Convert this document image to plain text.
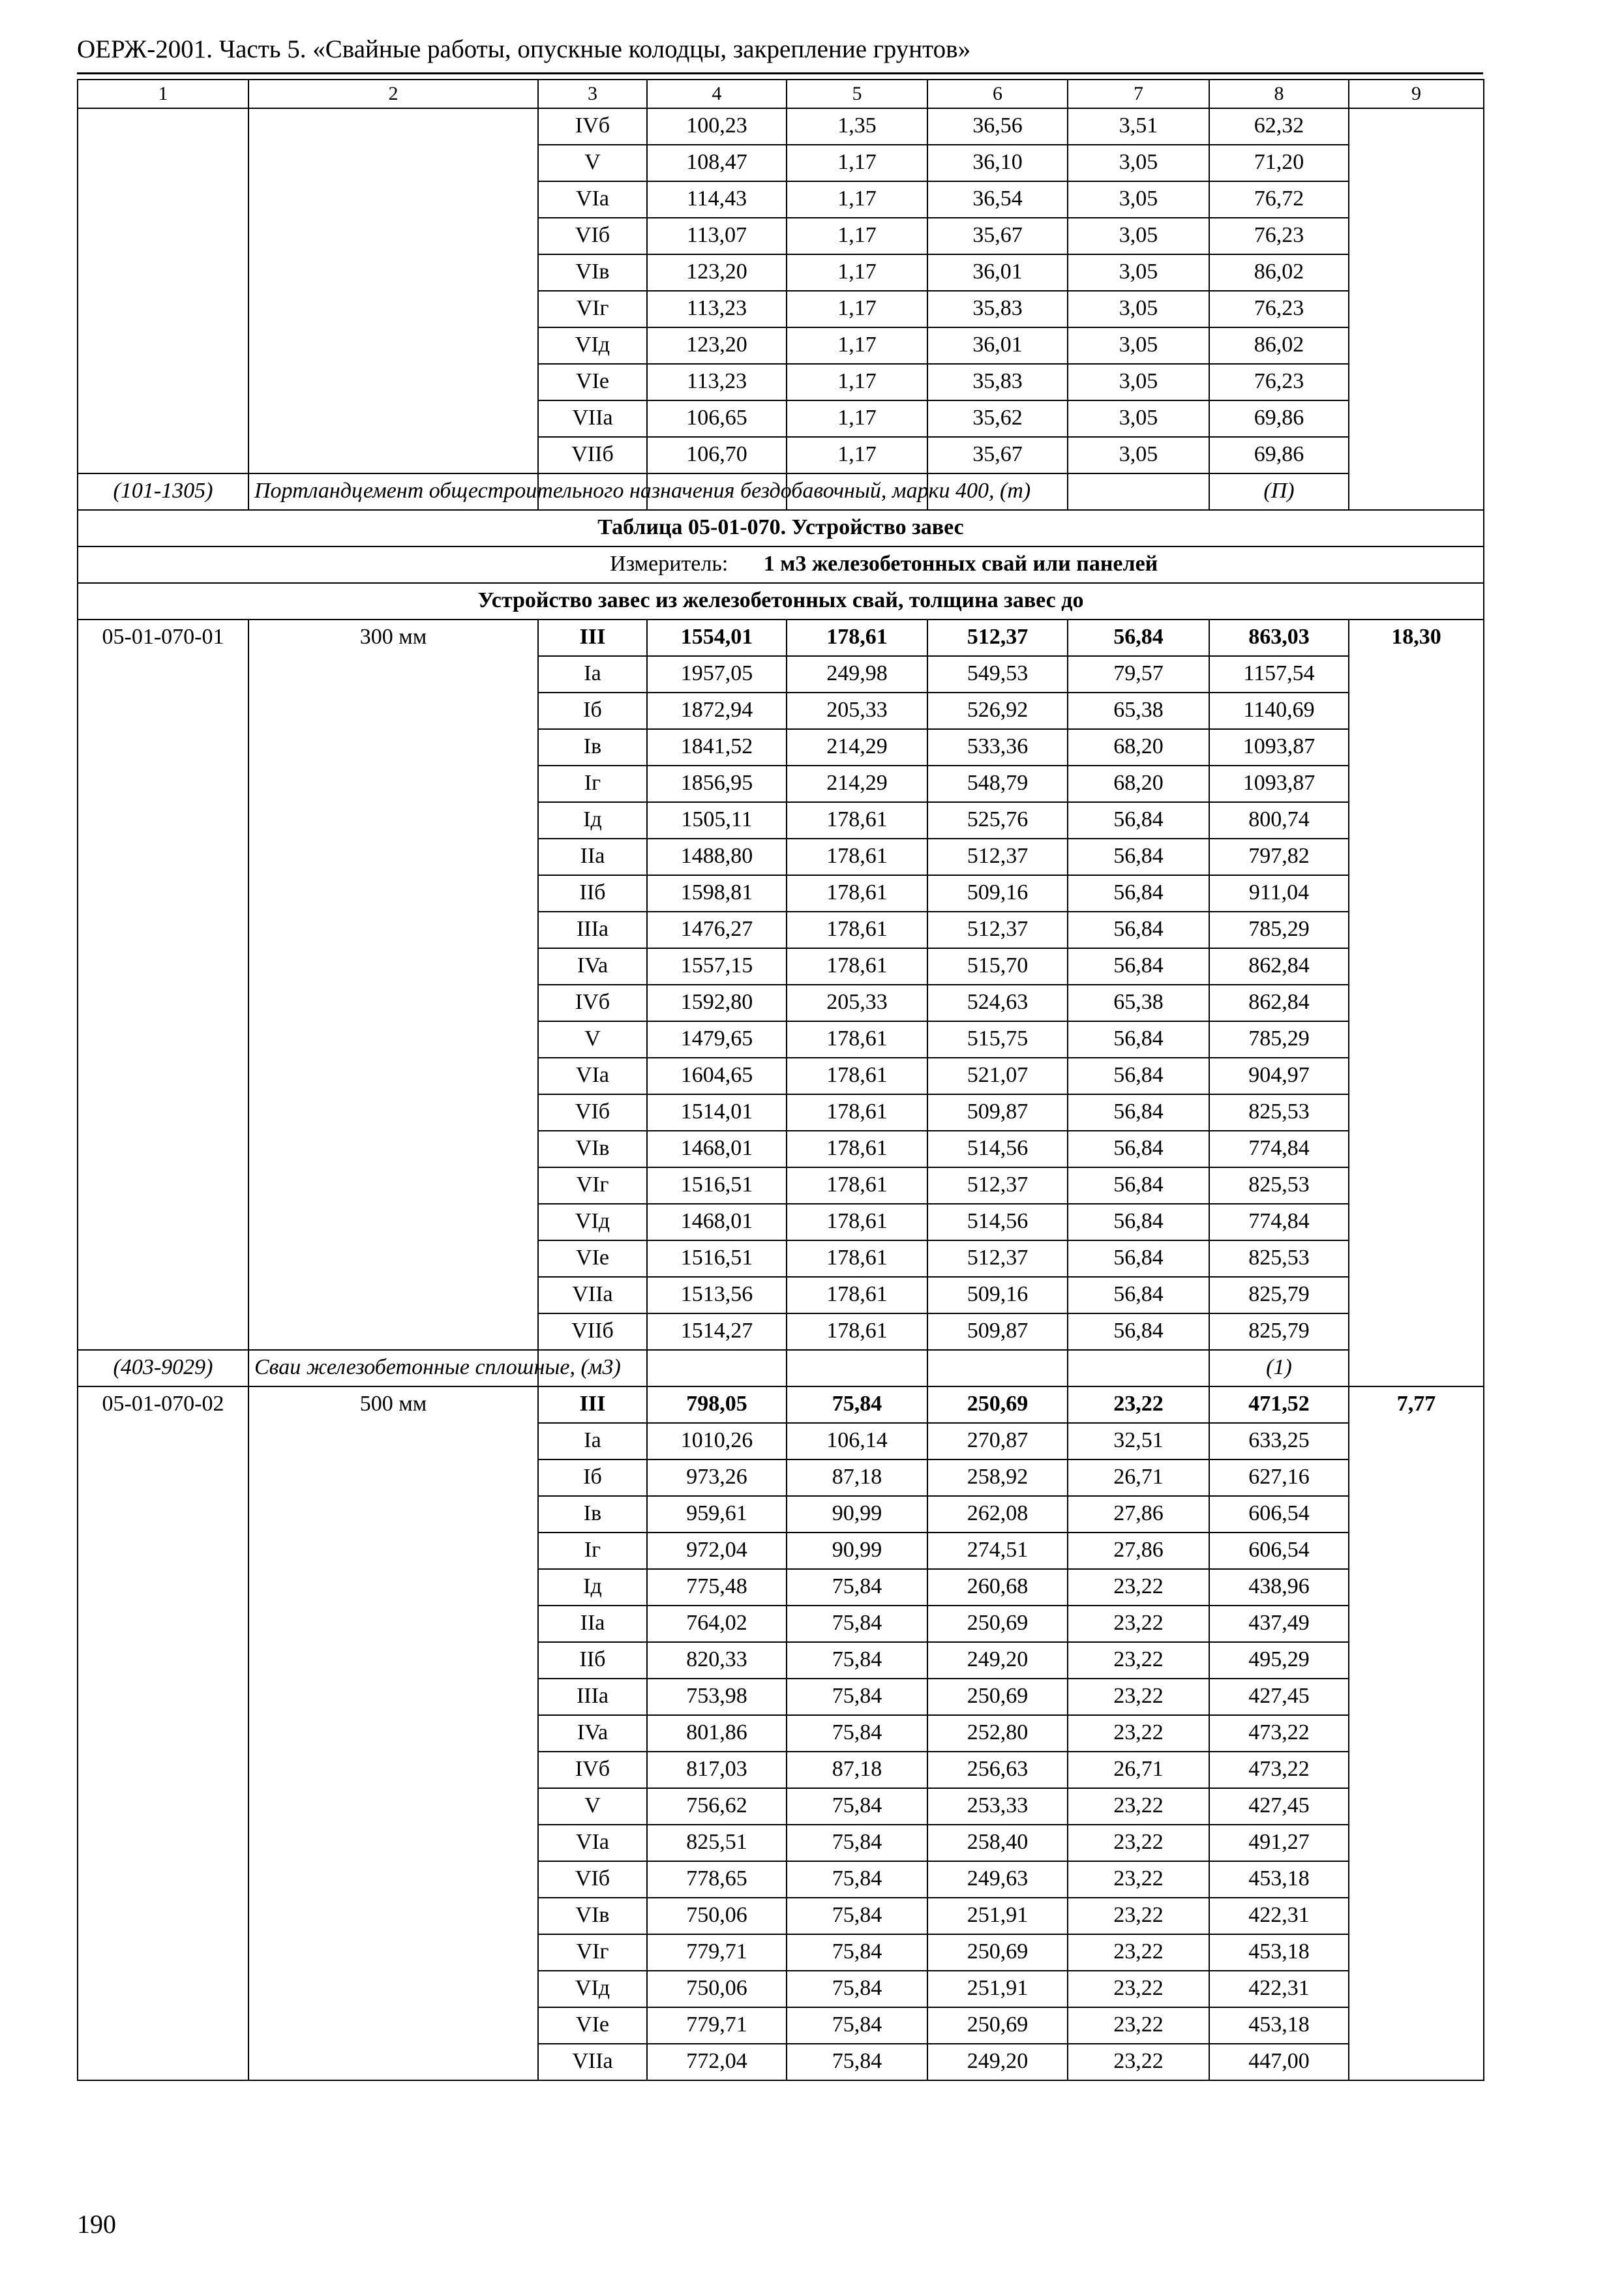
ОЕРЖ-2001. Часть 5. «Свайные работы, опускные колодцы, закрепление грунтов»
1	2	3	4	5	6	7	8	9
		IVб	100,23	1,35	36,56	3,51	62,32	
		V	108,47	1,17	36,10	3,05	71,20	
		VIa	114,43	1,17	36,54	3,05	76,72	
		VIб	113,07	1,17	35,67	3,05	76,23	
		VIв	123,20	1,17	36,01	3,05	86,02	
		VIг	113,23	1,17	35,83	3,05	76,23	
		VIд	123,20	1,17	36,01	3,05	86,02	
		VIe	113,23	1,17	35,83	3,05	76,23	
		VIIa	106,65	1,17	35,62	3,05	69,86	
		VIIб	106,70	1,17	35,67	3,05	69,86	
(101-1305)	Портландцемент общестроительного назначения бездобавочный, марки 400, (т)						(П)	
Таблица 05-01-070. Устройство завес								
Измеритель: 1 м3 железобетонных свай или панелей								
Устройство завес из железобетонных свай, толщина завес до								
05-01-070-01	300 мм	III	1554,01	178,61	512,37	56,84	863,03	18,30
		Ia	1957,05	249,98	549,53	79,57	1157,54	
		Iб	1872,94	205,33	526,92	65,38	1140,69	
		Iв	1841,52	214,29	533,36	68,20	1093,87	
		Iг	1856,95	214,29	548,79	68,20	1093,87	
		Iд	1505,11	178,61	525,76	56,84	800,74	
		IIa	1488,80	178,61	512,37	56,84	797,82	
		IIб	1598,81	178,61	509,16	56,84	911,04	
		IIIa	1476,27	178,61	512,37	56,84	785,29	
		IVa	1557,15	178,61	515,70	56,84	862,84	
		IVб	1592,80	205,33	524,63	65,38	862,84	
		V	1479,65	178,61	515,75	56,84	785,29	
		VIa	1604,65	178,61	521,07	56,84	904,97	
		VIб	1514,01	178,61	509,87	56,84	825,53	
		VIв	1468,01	178,61	514,56	56,84	774,84	
		VIг	1516,51	178,61	512,37	56,84	825,53	
		VIд	1468,01	178,61	514,56	56,84	774,84	
		VIe	1516,51	178,61	512,37	56,84	825,53	
		VIIa	1513,56	178,61	509,16	56,84	825,79	
		VIIб	1514,27	178,61	509,87	56,84	825,79	
(403-9029)	Сваи железобетонные сплошные, (м3)						(1)	
05-01-070-02	500 мм	III	798,05	75,84	250,69	23,22	471,52	7,77
		Ia	1010,26	106,14	270,87	32,51	633,25	
		Iб	973,26	87,18	258,92	26,71	627,16	
		Iв	959,61	90,99	262,08	27,86	606,54	
		Iг	972,04	90,99	274,51	27,86	606,54	
		Iд	775,48	75,84	260,68	23,22	438,96	
		IIa	764,02	75,84	250,69	23,22	437,49	
		IIб	820,33	75,84	249,20	23,22	495,29	
		IIIa	753,98	75,84	250,69	23,22	427,45	
		IVa	801,86	75,84	252,80	23,22	473,22	
		IVб	817,03	87,18	256,63	26,71	473,22	
		V	756,62	75,84	253,33	23,22	427,45	
		VIa	825,51	75,84	258,40	23,22	491,27	
		VIб	778,65	75,84	249,63	23,22	453,18	
		VIв	750,06	75,84	251,91	23,22	422,31	
		VIг	779,71	75,84	250,69	23,22	453,18	
		VIд	750,06	75,84	251,91	23,22	422,31	
		VIe	779,71	75,84	250,69	23,22	453,18	
		VIIa	772,04	75,84	249,20	23,22	447,00	
190
